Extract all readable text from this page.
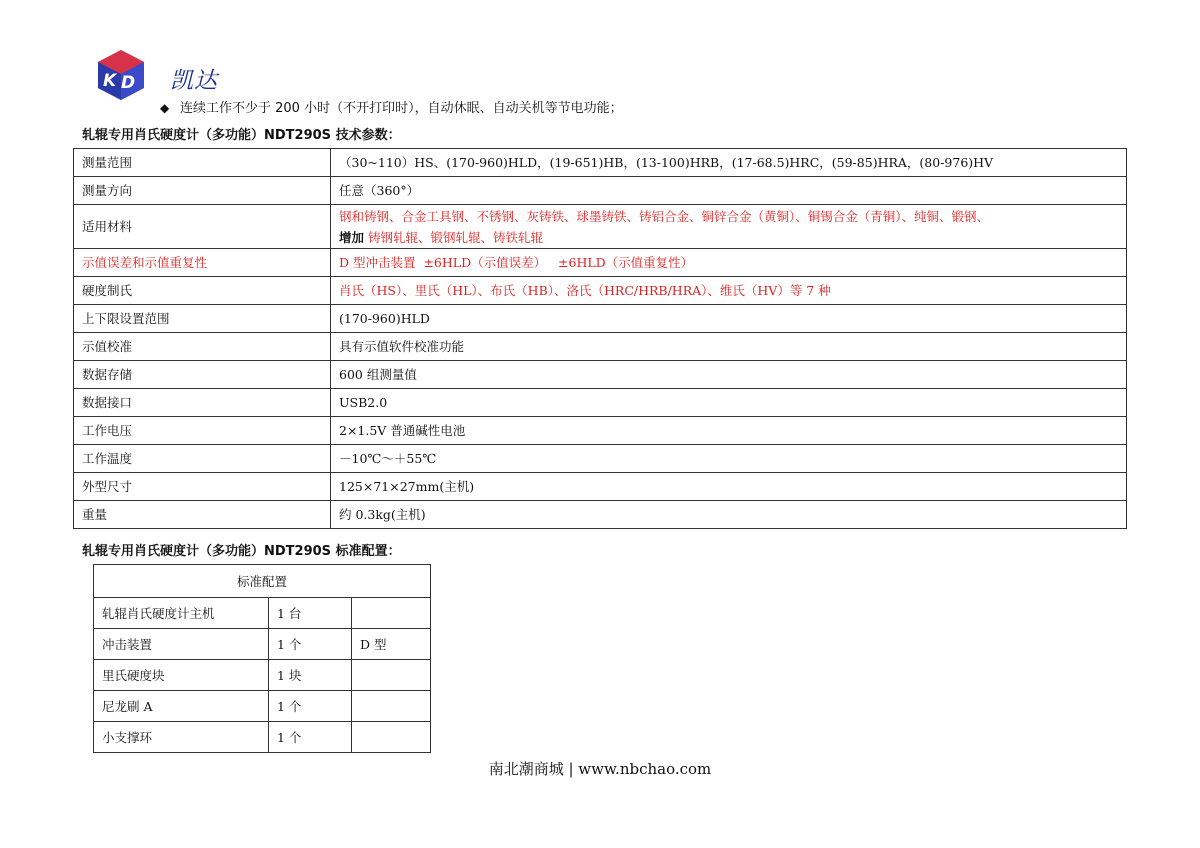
K D 凯达
◆ 连续工作不少于 200 小时（不开打印时），自动休眠、自动关机等节电功能；
轧辊专用肖氏硬度计（多功能）NDT290S 技术参数：
测量范围	（30~110）HS、(170-960)HLD，(19-651)HB，(13-100)HRB，(17-68.5)HRC，(59-85)HRA，(80-976)HV
测量方向	任意（360°）
适用材料	钢和铸钢、合金工具钢、不锈钢、灰铸铁、球墨铸铁、铸铝合金、铜锌合金（黄铜）、铜锡合金（青铜）、纯铜、锻钢、
增加 铸钢轧辊、锻钢轧辊、铸铁轧辊
示值误差和示值重复性	D 型冲击装置  ±6HLD（示值误差）   ±6HLD（示值重复性）
硬度制氏	肖氏（HS）、里氏（HL）、布氏（HB）、洛氏（HRC/HRB/HRA）、维氏（HV）等 7 种
上下限设置范围	(170-960)HLD
示值校准	具有示值软件校准功能
数据存储	600 组测量值
数据接口	USB2.0
工作电压	2×1.5V 普通碱性电池
工作温度	－10℃～＋55℃
外型尺寸	125×71×27mm(主机)
重量	约 0.3kg(主机)
轧辊专用肖氏硬度计（多功能）NDT290S 标准配置：
标准配置		
轧辊肖氏硬度计主机	1 台	
冲击装置	1 个	D 型
里氏硬度块	1 块	
尼龙刷 A	1 个	
小支撑环	1 个	
南北潮商城 | www.nbchao.com
